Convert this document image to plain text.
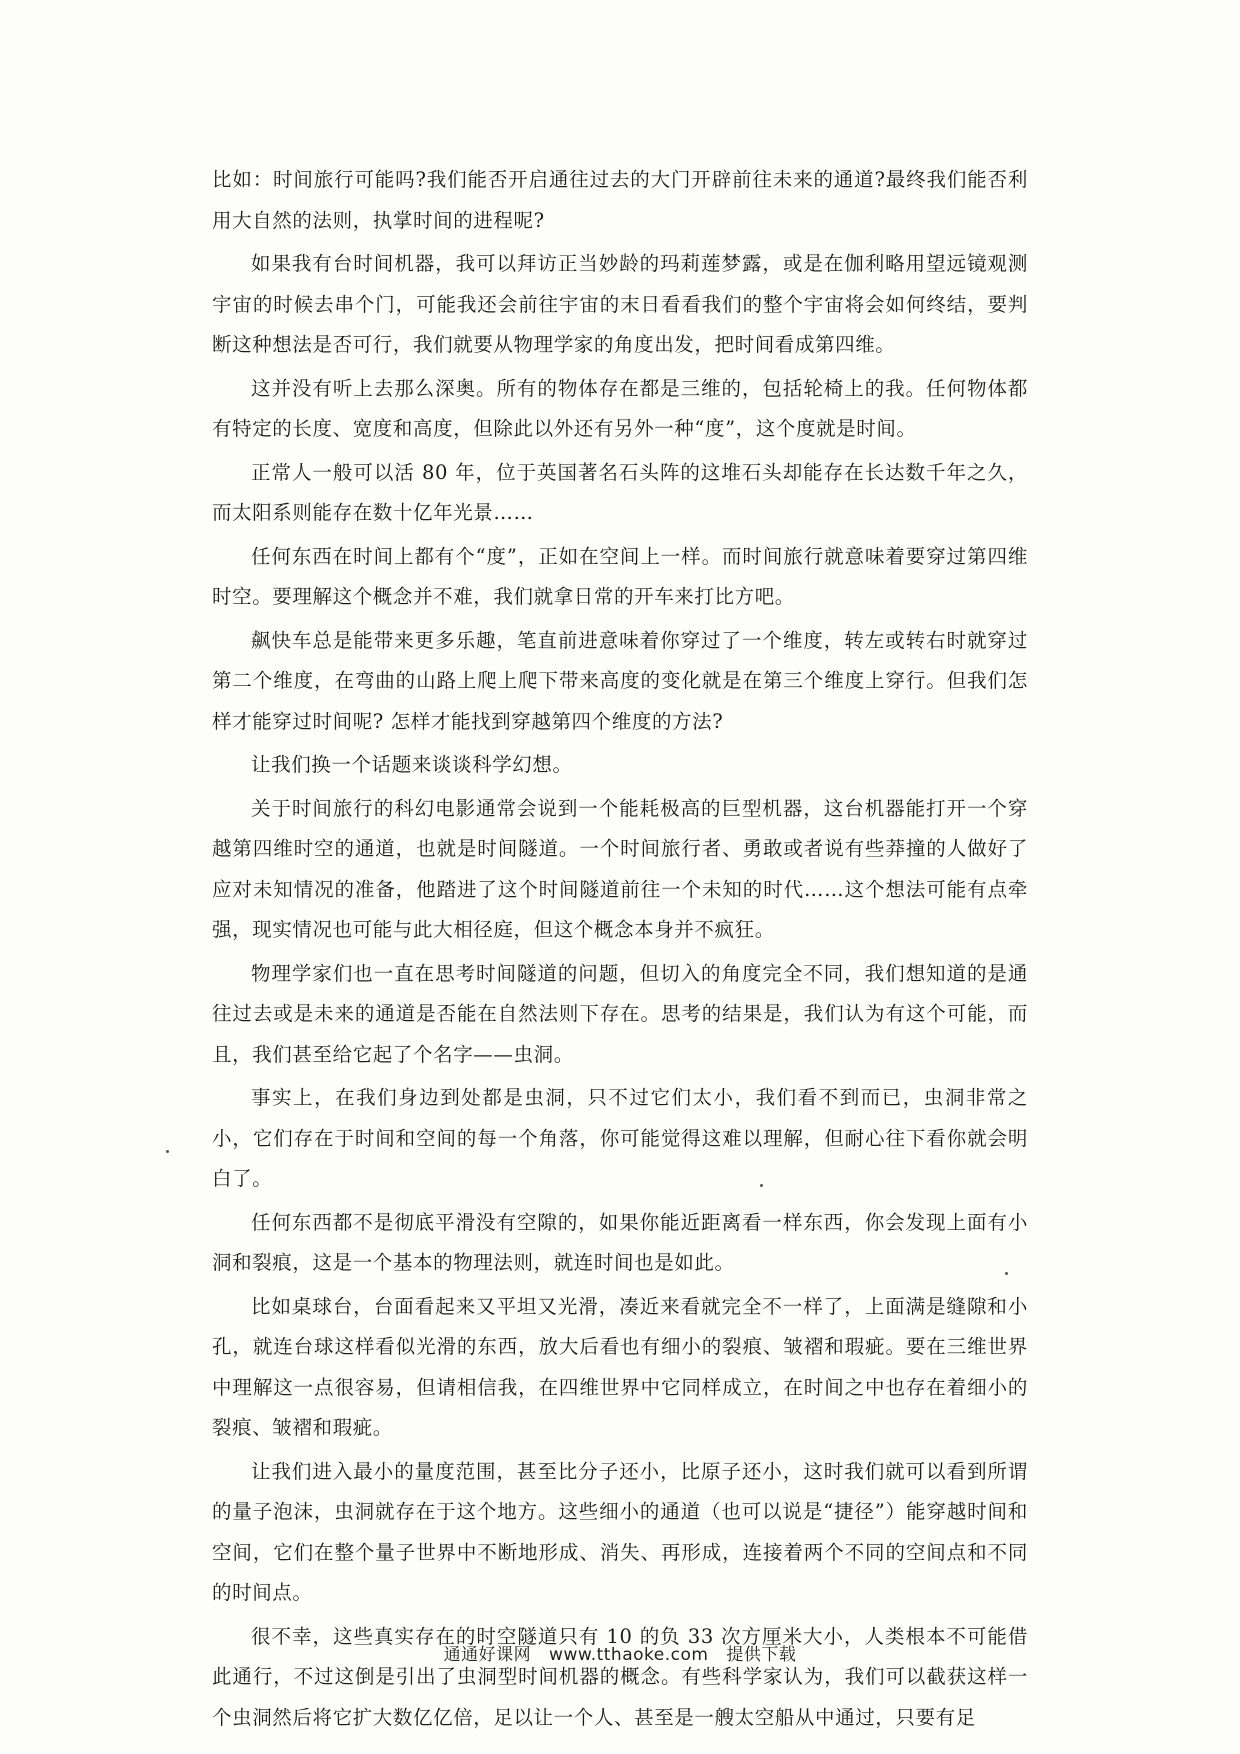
比如：时间旅行可能吗?我们能否开启通往过去的大门开辟前往未来的通道?最终我们能否利用大自然的法则，执掌时间的进程呢?

如果我有台时间机器，我可以拜访正当妙龄的玛莉莲梦露，或是在伽利略用望远镜观测宇宙的时候去串个门，可能我还会前往宇宙的末日看看我们的整个宇宙将会如何终结，要判断这种想法是否可行，我们就要从物理学家的角度出发，把时间看成第四维。

这并没有听上去那么深奥。所有的物体存在都是三维的，包括轮椅上的我。任何物体都有特定的长度、宽度和高度，但除此以外还有另外一种“度”，这个度就是时间。

正常人一般可以活 80 年，位于英国著名石头阵的这堆石头却能存在长达数千年之久，而太阳系则能存在数十亿年光景……

任何东西在时间上都有个“度”，正如在空间上一样。而时间旅行就意味着要穿过第四维时空。要理解这个概念并不难，我们就拿日常的开车来打比方吧。

飙快车总是能带来更多乐趣，笔直前进意味着你穿过了一个维度，转左或转右时就穿过第二个维度，在弯曲的山路上爬上爬下带来高度的变化就是在第三个维度上穿行。但我们怎样才能穿过时间呢? 怎样才能找到穿越第四个维度的方法?

让我们换一个话题来谈谈科学幻想。

关于时间旅行的科幻电影通常会说到一个能耗极高的巨型机器，这台机器能打开一个穿越第四维时空的通道，也就是时间隧道。一个时间旅行者、勇敢或者说有些莽撞的人做好了应对未知情况的准备，他踏进了这个时间隧道前往一个未知的时代……这个想法可能有点牵强，现实情况也可能与此大相径庭，但这个概念本身并不疯狂。

物理学家们也一直在思考时间隧道的问题，但切入的角度完全不同，我们想知道的是通往过去或是未来的通道是否能在自然法则下存在。思考的结果是，我们认为有这个可能，而且，我们甚至给它起了个名字——虫洞。

事实上，在我们身边到处都是虫洞，只不过它们太小，我们看不到而已，虫洞非常之小，它们存在于时间和空间的每一个角落，你可能觉得这难以理解，但耐心往下看你就会明白了。

任何东西都不是彻底平滑没有空隙的，如果你能近距离看一样东西，你会发现上面有小洞和裂痕，这是一个基本的物理法则，就连时间也是如此。

比如桌球台，台面看起来又平坦又光滑，凑近来看就完全不一样了，上面满是缝隙和小孔，就连台球这样看似光滑的东西，放大后看也有细小的裂痕、皱褶和瑕疵。要在三维世界中理解这一点很容易，但请相信我，在四维世界中它同样成立，在时间之中也存在着细小的裂痕、皱褶和瑕疵。

让我们进入最小的量度范围，甚至比分子还小，比原子还小，这时我们就可以看到所谓的量子泡沫，虫洞就存在于这个地方。这些细小的通道（也可以说是“捷径”）能穿越时间和空间，它们在整个量子世界中不断地形成、消失、再形成，连接着两个不同的空间点和不同的时间点。

很不幸，这些真实存在的时空隧道只有 10 的负 33 次方厘米大小，人类根本不可能借此通行，不过这倒是引出了虫洞型时间机器的概念。有些科学家认为，我们可以截获这样一个虫洞然后将它扩大数亿亿倍，足以让一个人、甚至是一艘太空船从中通过，只要有足

通通好课网 www.tthaoke.com 提供下载
